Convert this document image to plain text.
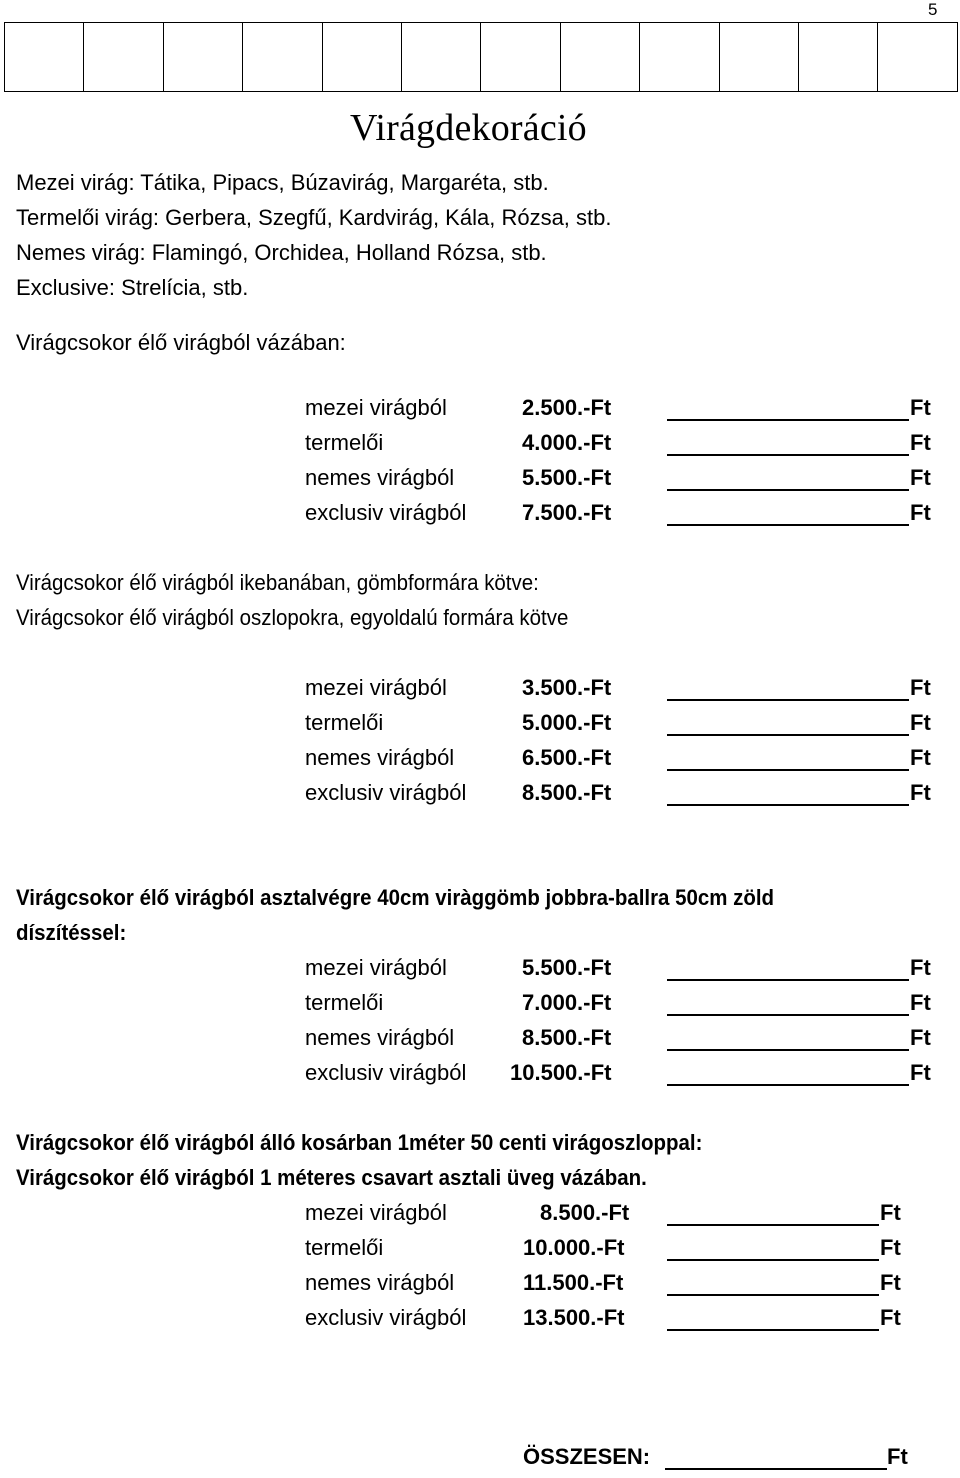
5

Virágdekoráció
Mezei virág: Tátika, Pipacs, Búzavirág, Margaréta, stb.
Termelői virág: Gerbera, Szegfű, Kardvirág, Kála, Rózsa, stb.
Nemes virág: Flamingó, Orchidea, Holland Rózsa, stb.
Exclusive: Strelícia, stb.
Virágcsokor élő virágból vázában:
mezei virágból	2.500.-Ft	Ft
termelői	4.000.-Ft	Ft
nemes virágból	5.500.-Ft	Ft
exclusiv virágból	7.500.-Ft	Ft
Virágcsokor élő virágból ikebanában, gömbformára kötve:
Virágcsokor élő virágból oszlopokra, egyoldalú formára kötve
mezei virágból	3.500.-Ft	Ft
termelői	5.000.-Ft	Ft
nemes virágból	6.500.-Ft	Ft
exclusiv virágból	8.500.-Ft	Ft
Virágcsokor élő virágból asztalvégre 40cm viràggömb jobbra-ballra 50cm zöld
díszítéssel:
mezei virágból	5.500.-Ft	Ft
termelői	7.000.-Ft	Ft
nemes virágból	8.500.-Ft	Ft
exclusiv virágból 10.500.-Ft	Ft
Virágcsokor élő virágból álló kosárban 1méter 50 centi virágoszloppal:
Virágcsokor élő virágból 1 méteres csavart asztali üveg vázában.
mezei virágból	8.500.-Ft	Ft
termelői	10.000.-Ft	Ft
nemes virágból	11.500.-Ft	Ft
exclusiv virágból	13.500.-Ft	Ft
ÖSSZESEN:	Ft
